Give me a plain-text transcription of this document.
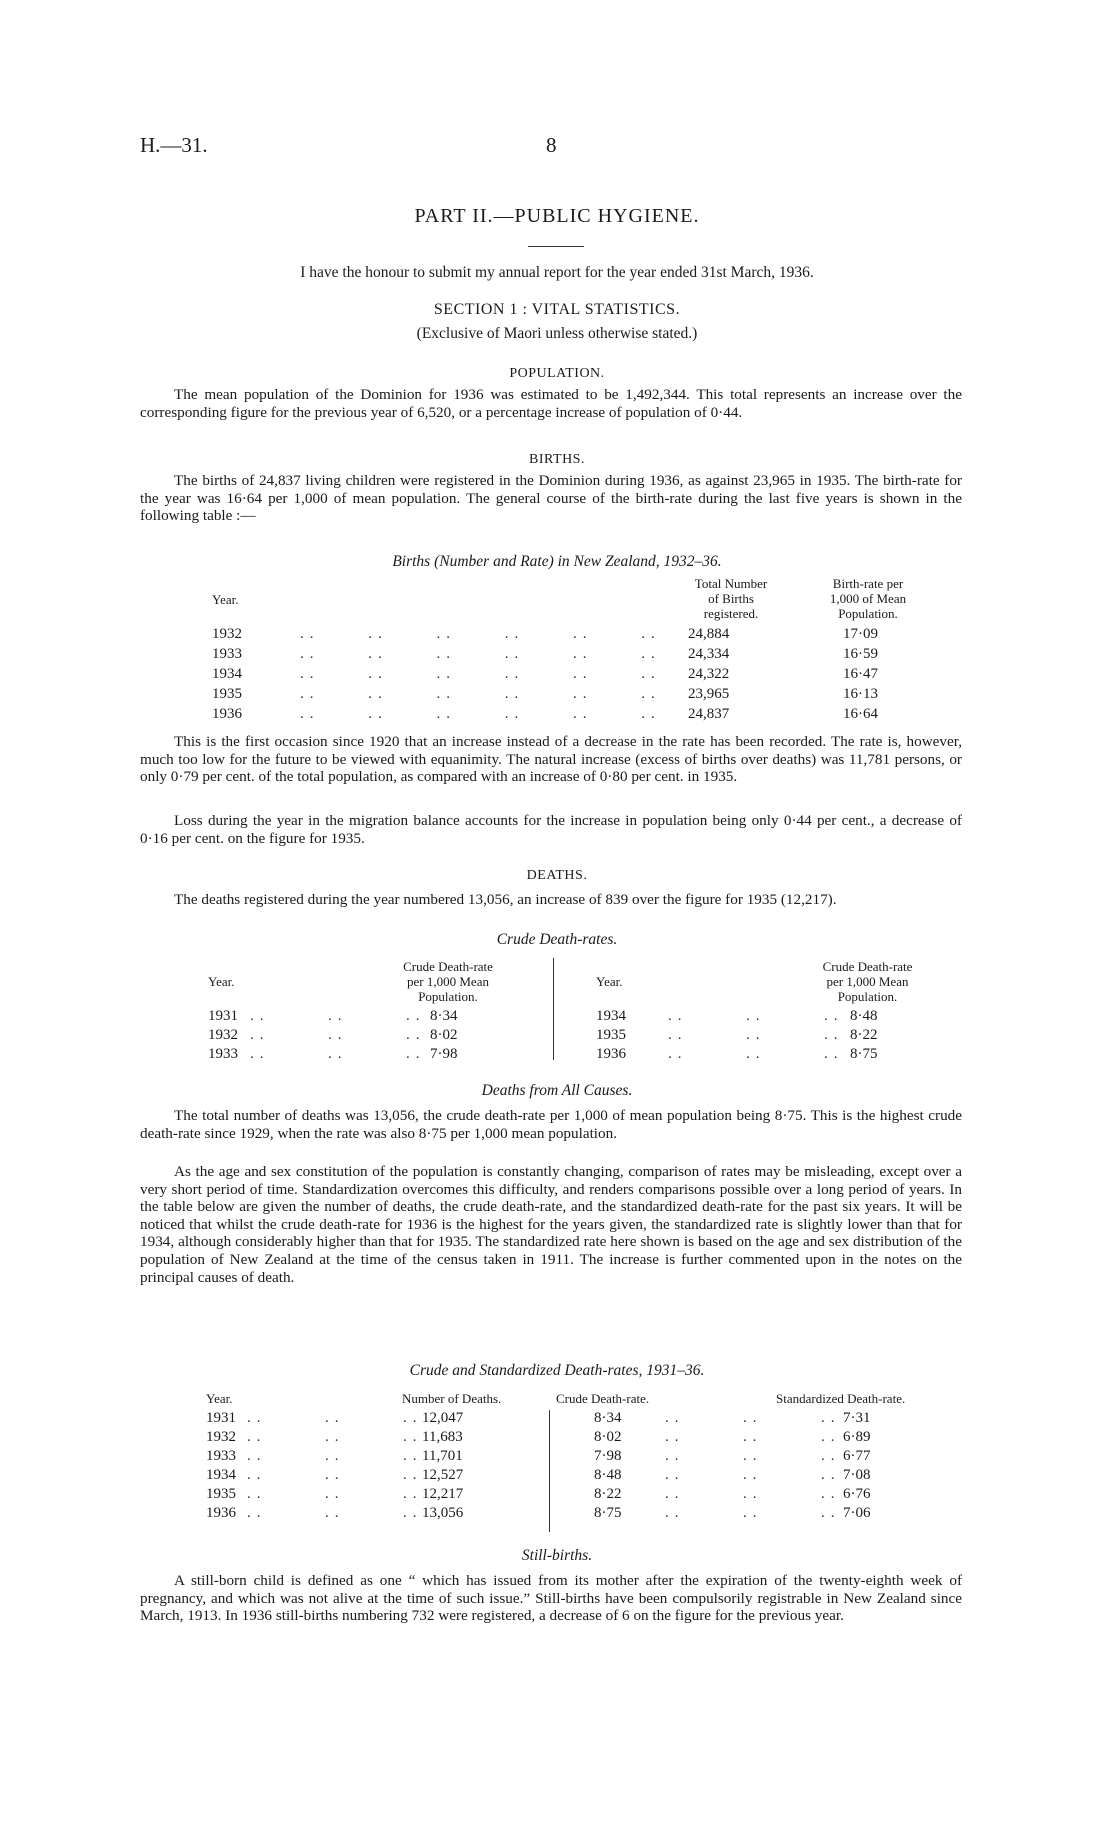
H.—31.	8
PART II.—PUBLIC HYGIENE.
I have the honour to submit my annual report for the year ended 31st March, 1936.
SECTION 1 : VITAL STATISTICS.
(Exclusive of Maori unless otherwise stated.)
POPULATION.

The mean population of the Dominion for 1936 was estimated to be 1,492,344. This total represents an increase over the corresponding figure for the previous year of 6,520, or a percentage increase of population of 0·44.

BIRTHS.

The births of 24,837 living children were registered in the Dominion during 1936, as against 23,965 in 1935. The birth-rate for the year was 16·64 per 1,000 of mean population. The general course of the birth-rate during the last five years is shown in the following table :—

Births (Number and Rate) in New Zealand, 1932–36.
Year.
Total Number
of Births
registered.
Birth-rate per
1,000 of Mean
Population.
1932	..     ..     ..     ..     ..     .. 24,884	17·09
1933	..     ..     ..     ..     ..     .. 24,334	16·59
1934	..     ..     ..     ..     ..     .. 24,322	16·47
1935	..     ..     ..     ..     ..     .. 23,965	16·13
1936	..     ..     ..     ..     ..     .. 24,837	16·64

This is the first occasion since 1920 that an increase instead of a decrease in the rate has been recorded. The rate is, however, much too low for the future to be viewed with equanimity. The natural increase (excess of births over deaths) was 11,781 persons, or only 0·79 per cent. of the total population, as compared with an increase of 0·80 per cent. in 1935.

Loss during the year in the migration balance accounts for the increase in population being only 0·44 per cent., a decrease of 0·16 per cent. on the figure for 1935.

DEATHS.

The deaths registered during the year numbered 13,056, an increase of 839 over the figure for 1935 (12,217).

Crude Death-rates.
Year.
Crude Death-rate
per 1,000 Mean
Population.
Year.
Crude Death-rate
per 1,000 Mean
Population.
1931 ..      ..      .. 8·34	1934	..      ..      .. 8·48
1932 ..      ..      .. 8·02	1935	..      ..      .. 8·22
1933 ..      ..      .. 7·98	1936	..      ..      .. 8·75
Deaths from All Causes.

The total number of deaths was 13,056, the crude death-rate per 1,000 of mean population being 8·75. This is the highest crude death-rate since 1929, when the rate was also 8·75 per 1,000 mean population.

As the age and sex constitution of the population is constantly changing, comparison of rates may be misleading, except over a very short period of time. Standardization overcomes this difficulty, and renders comparisons possible over a long period of years. In the table below are given the number of deaths, the crude death-rate, and the standardized death-rate for the past six years. It will be noticed that whilst the crude death-rate for 1936 is the highest for the years given, the standardized rate is slightly lower than that for 1934, although considerably higher than that for 1935. The standardized rate here shown is based on the age and sex distribution of the population of New Zealand at the time of the census taken in 1911. The increase is further commented upon in the notes on the principal causes of death.

Crude and Standardized Death-rates, 1931–36.
Year.	Number of Deaths.	Crude Death-rate.	Standardized Death-rate.
1931 ..      ..      .. 12,047	8·34	..      ..      .. 7·31
1932 ..      ..      .. 11,683	8·02	..      ..      .. 6·89
1933 ..      ..      .. 11,701	7·98	..      ..      .. 6·77
1934 ..      ..      .. 12,527	8·48	..      ..      .. 7·08
1935 ..      ..      .. 12,217	8·22	..      ..      .. 6·76
1936 ..      ..      .. 13,056	8·75	..      ..      .. 7·06
Still-births.

A still-born child is defined as one “ which has issued from its mother after the expiration of the twenty-eighth week of pregnancy, and which was not alive at the time of such issue.” Still-births have been compulsorily registrable in New Zealand since March, 1913. In 1936 still-births numbering 732 were registered, a decrease of 6 on the figure for the previous year.
